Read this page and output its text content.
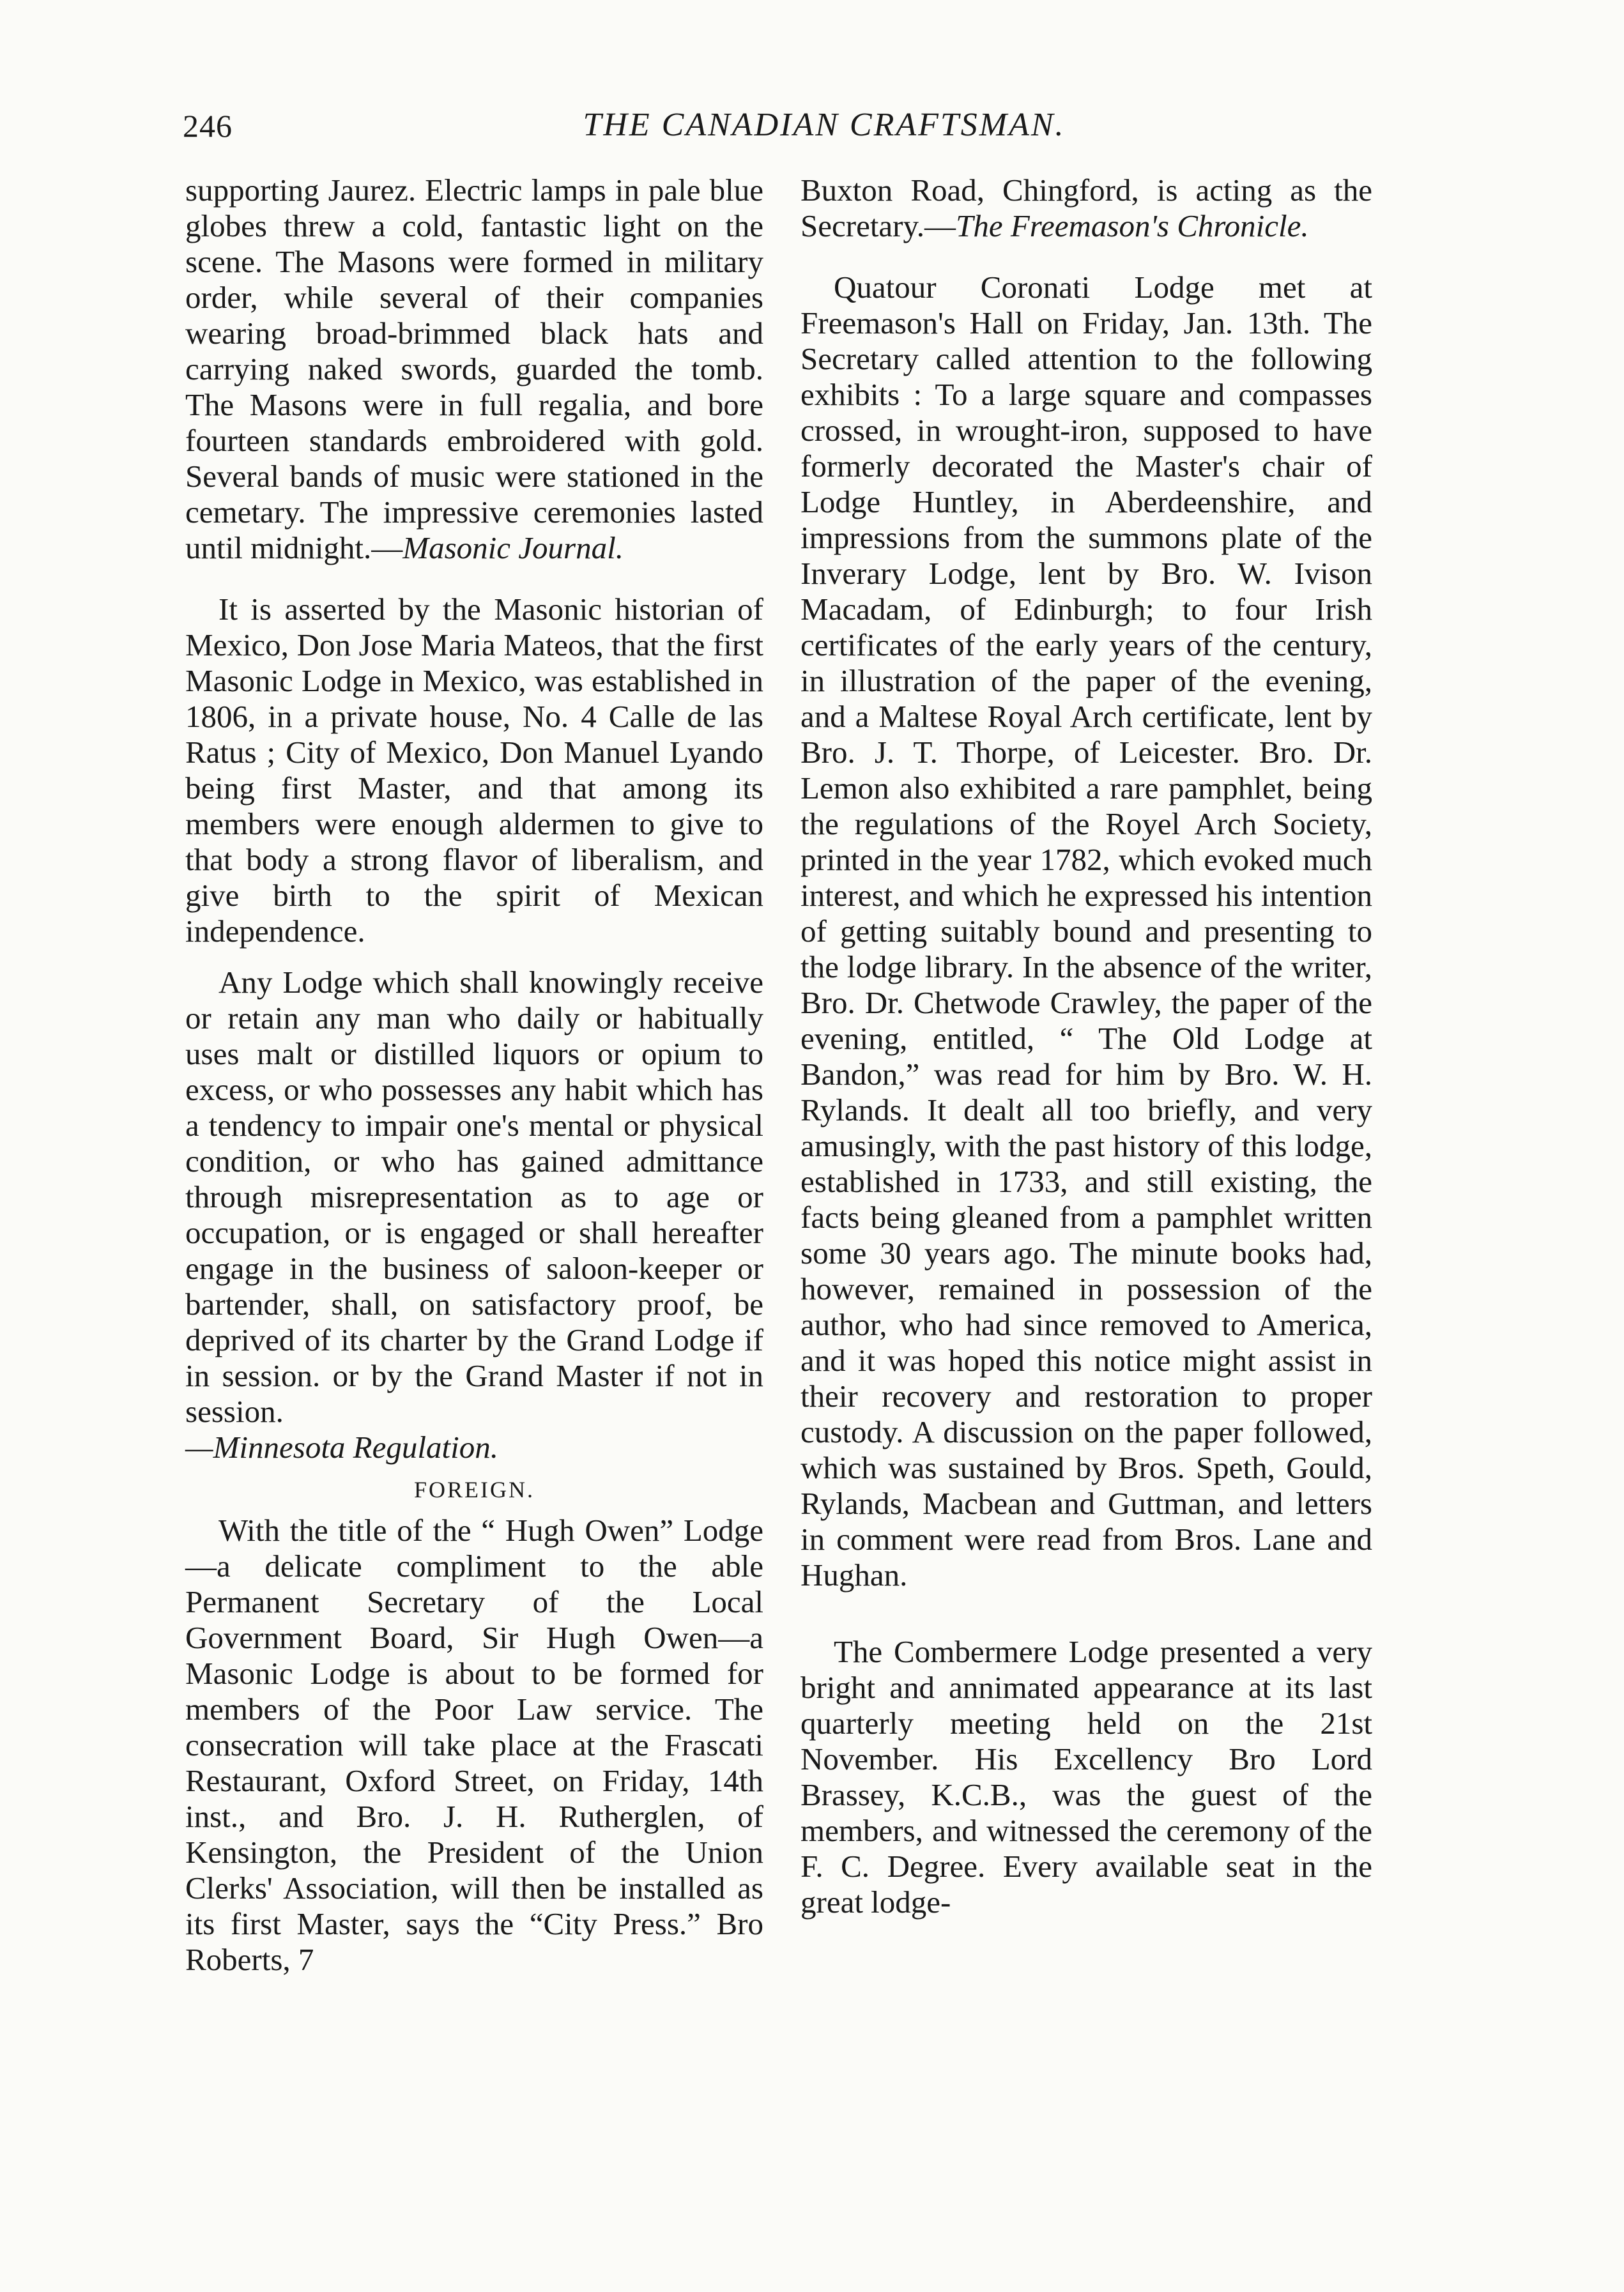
246	THE CANADIAN CRAFTSMAN.

supporting Jaurez. Electric lamps in pale blue globes threw a cold, fantastic light on the scene. The Masons were formed in military order, while several of their companies wearing broad-brimmed black hats and carrying naked swords, guarded the tomb. The Masons were in full regalia, and bore fourteen standards embroidered with gold. Several bands of music were stationed in the cemetary. The impressive ceremonies lasted until midnight.—Masonic Journal.

It is asserted by the Masonic historian of Mexico, Don Jose Maria Mateos, that the first Masonic Lodge in Mexico, was established in 1806, in a private house, No. 4 Calle de las Ratus ; City of Mexico, Don Manuel Lyando being first Master, and that among its members were enough aldermen to give to that body a strong flavor of liberalism, and give birth to the spirit of Mexican independence.

Any Lodge which shall knowingly receive or retain any man who daily or habitually uses malt or distilled liquors or opium to excess, or who possesses any habit which has a tendency to impair one's mental or physical condition, or who has gained admittance through misrepresentation as to age or occupation, or is engaged or shall hereafter engage in the business of saloon-keeper or bartender, shall, on satisfactory proof, be deprived of its charter by the Grand Lodge if in session. or by the Grand Master if not in session.
—Minnesota Regulation.

FOREIGN.

With the title of the “ Hugh Owen” Lodge—a delicate compliment to the able Permanent Secretary of the Local Government Board, Sir Hugh Owen—a Masonic Lodge is about to be formed for members of the Poor Law service. The consecration will take place at the Frascati Restaurant, Oxford Street, on Friday, 14th inst., and Bro. J. H. Rutherglen, of Kensington, the President of the Union Clerks' Association, will then be installed as its first Master, says the “City Press.” Bro Roberts, 7

Buxton Road, Chingford, is acting as the Secretary.—The Freemason's Chronicle.

Quatour Coronati Lodge met at Freemason's Hall on Friday, Jan. 13th. The Secretary called attention to the following exhibits : To a large square and compasses crossed, in wrought-iron, supposed to have formerly decorated the Master's chair of Lodge Huntley, in Aberdeenshire, and impressions from the summons plate of the Inverary Lodge, lent by Bro. W. Ivison Macadam, of Edinburgh; to four Irish certificates of the early years of the century, in illustration of the paper of the evening, and a Maltese Royal Arch certificate, lent by Bro. J. T. Thorpe, of Leicester. Bro. Dr. Lemon also exhibited a rare pamphlet, being the regulations of the Royel Arch Society, printed in the year 1782, which evoked much interest, and which he expressed his intention of getting suitably bound and presenting to the lodge library. In the absence of the writer, Bro. Dr. Chetwode Crawley, the paper of the evening, entitled, “ The Old Lodge at Bandon,” was read for him by Bro. W. H. Rylands. It dealt all too briefly, and very amusingly, with the past history of this lodge, established in 1733, and still existing, the facts being gleaned from a pamphlet written some 30 years ago. The minute books had, however, remained in possession of the author, who had since removed to America, and it was hoped this notice might assist in their recovery and restoration to proper custody. A discussion on the paper followed, which was sustained by Bros. Speth, Gould, Rylands, Macbean and Guttman, and letters in comment were read from Bros. Lane and Hughan.

The Combermere Lodge presented a very bright and annimated appearance at its last quarterly meeting held on the 21st November. His Excellency Bro Lord Brassey, K.C.B., was the guest of the members, and witnessed the ceremony of the F. C. Degree. Every available seat in the great lodge-
